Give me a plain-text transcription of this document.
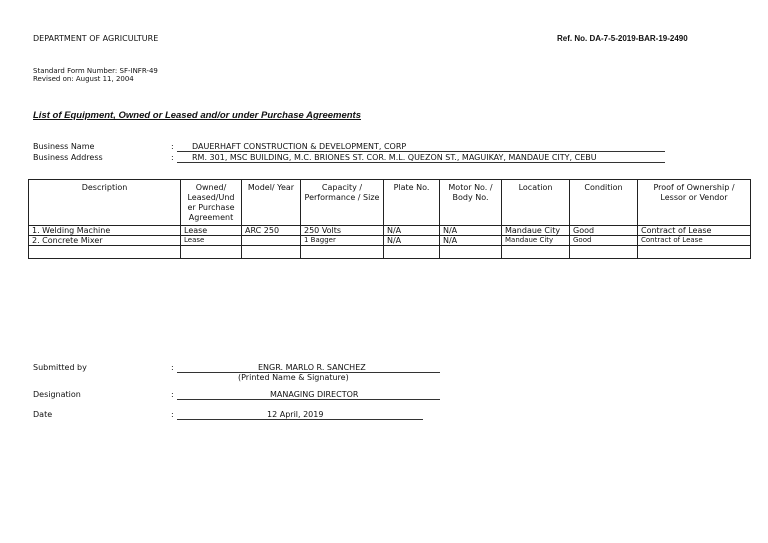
DEPARTMENT OF AGRICULTURE	Ref. No. DA-7-5-2019-BAR-19-2490
Standard Form Number: SF-INFR-49
Revised on: August 11, 2004
List of Equipment, Owned or Leased and/or under Purchase Agreements
Business Name	: DAUERHAFT CONSTRUCTION & DEVELOPMENT, CORP
Business Address	: RM. 301, MSC BUILDING, M.C. BRIONES ST. COR. M.L. QUEZON ST., MAGUIKAY, MANDAUE CITY, CEBU
Description	Owned/ Leased/Und er Purchase Agreement	Model/ Year	Capacity / Performance / Size	Plate No.	Motor No. / Body No.	Location	Condition	Proof of Ownership / Lessor or Vendor
1. Welding Machine	Lease	ARC 250	250 Volts	N/A	N/A	Mandaue City	Good	Contract of Lease
2. Concrete Mixer	Lease		1 Bagger	N/A	N/A	Mandaue City	Good	Contract of Lease

Submitted by	:	ENGR. MARLO R. SANCHEZ
(Printed Name & Signature)
Designation	:	MANAGING DIRECTOR
Date	:	12 April, 2019
